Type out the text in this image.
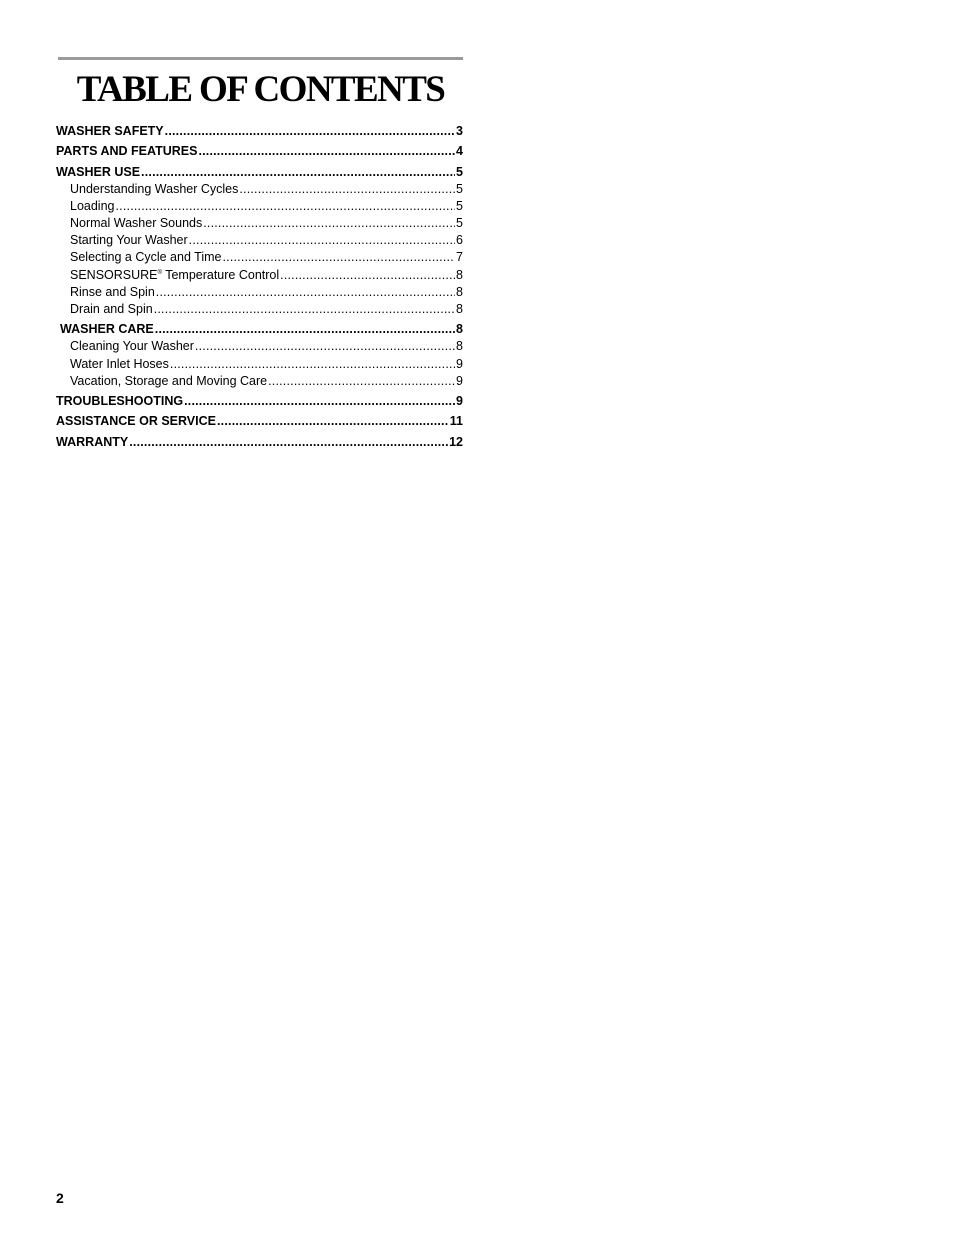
TABLE OF CONTENTS
WASHER SAFETY .....	3
PARTS AND FEATURES .....	4
WASHER USE .....	5
Understanding Washer Cycles .....	5
Loading .....	5
Normal Washer Sounds .....	5
Starting Your Washer .....	6
Selecting a Cycle and Time .....	7
SENSORSURE® Temperature Control .....	8
Rinse and Spin .....	8
Drain and Spin .....	8
WASHER CARE .....	8
Cleaning Your Washer .....	8
Water Inlet Hoses .....	9
Vacation, Storage and Moving Care .....	9
TROUBLESHOOTING .....	9
ASSISTANCE OR SERVICE .....	11
WARRANTY .....	12
2
